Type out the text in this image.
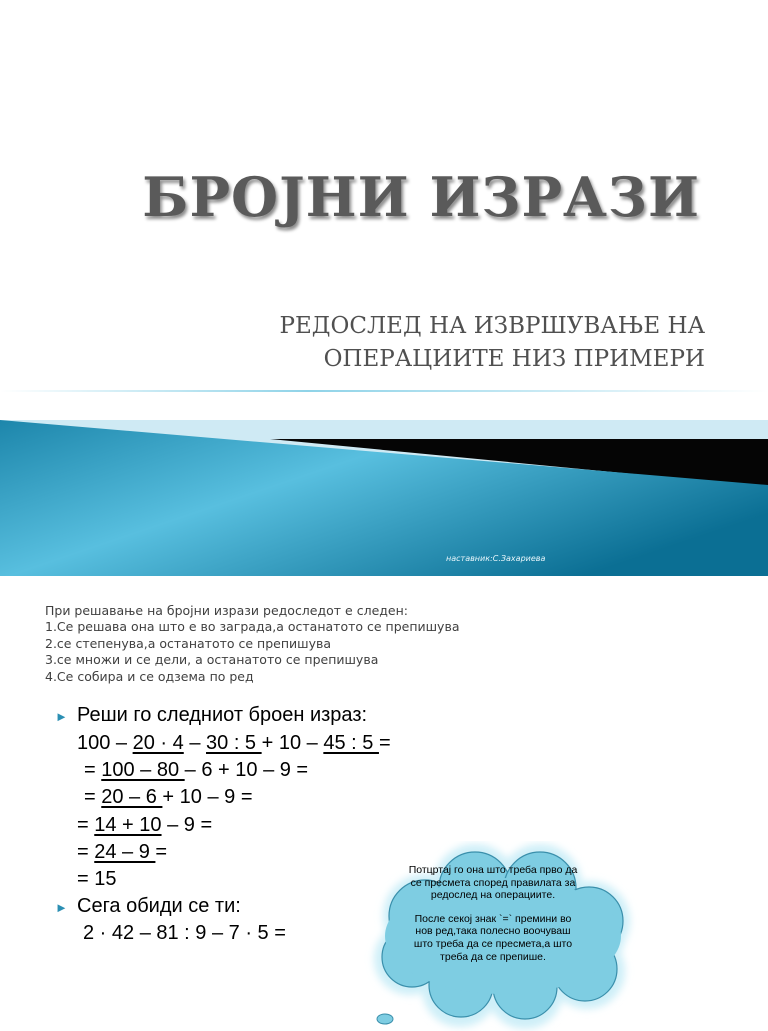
БРОЈНИ ИЗРАЗИ
РЕДОСЛЕД НА ИЗВРШУВАЊЕ НА
ОПЕРАЦИИТЕ НИЗ ПРИМЕРИ
наставник:С.Захариева
При решавање на бројни изрази редоследот е следен:
1.Се решава она што е во заграда,а останатото се препишува
2.се степенува,а останатото се препишува
3.се множи и се дели, а останатото се препишува
4.Се собира и се одзема по ред
► Реши го следниот броен израз:
100 – 20 · 4 – 30 : 5 + 10 – 45 : 5 =
= 100 – 80 – 6 + 10 – 9 =
= 20 – 6 + 10 – 9 =
= 14 + 10 – 9 =
= 24 – 9 =
= 15
► Сега обиди се ти:
2 · 42 – 81 : 9 – 7 · 5 =
Потцртај го она што треба прво да се пресмета според правилата за редослед на операциите.
После секој знак `=` премини во нов ред,така полесно воочуваш што треба да се пресмета,а што треба да се препише.
